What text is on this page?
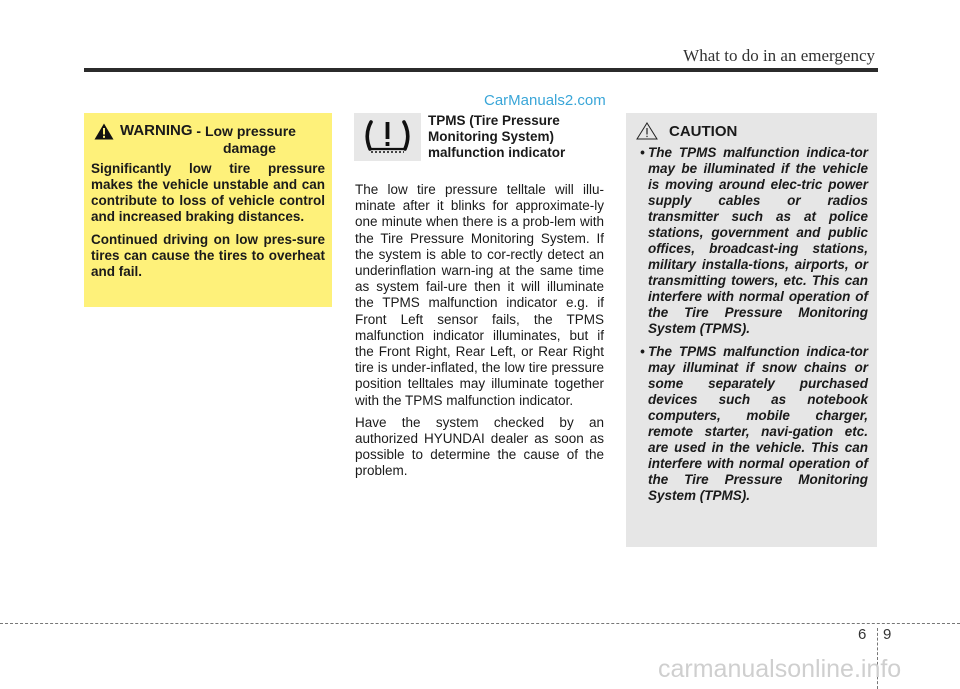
What to do in an emergency
CarManuals2.com
WARNING
- Low pressure
damage

Significantly low tire pressure makes the vehicle unstable and can contribute to loss of vehicle control and increased braking distances.

Continued driving on low pres-sure tires can cause the tires to overheat and fail.

TPMS (Tire Pressure Monitoring System) malfunction indicator

The low tire pressure telltale will illu-minate after it blinks for approximate-ly one minute when there is a prob-lem with the Tire Pressure Monitoring System. If the system is able to cor-rectly detect an underinflation warn-ing at the same time as system fail-ure then it will illuminate the TPMS malfunction indicator e.g. if Front Left sensor fails, the TPMS malfunction indicator illuminates, but if the Front Right, Rear Left, or Rear Right tire is under-inflated, the low tire pressure position telltales may illuminate together with the TPMS malfunction indicator.

Have the system checked by an authorized HYUNDAI dealer as soon as possible to determine the cause of the problem.

CAUTION
• The TPMS malfunction indica-tor may be illuminated if the vehicle is moving around elec-tric power supply cables or radios transmitter such as at police stations, government and public offices, broadcast-ing stations, military installa-tions, airports, or transmitting towers, etc. This can interfere with normal operation of the Tire Pressure Monitoring System (TPMS).
• The TPMS malfunction indica-tor may illuminat if snow chains or some separately purchased devices such as notebook computers, mobile charger, remote starter, navi-gation etc. are used in the vehicle. This can interfere with normal operation of the Tire Pressure Monitoring System (TPMS).
6 9
carmanualsonline.info
